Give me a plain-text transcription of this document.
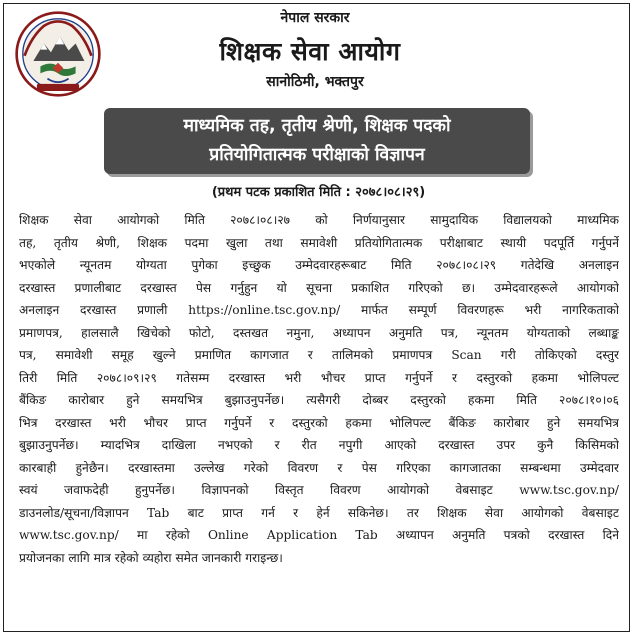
नेपाल सरकार
शिक्षक सेवा आयोग
सानोठिमी, भक्तपुर
माध्यमिक तह, तृतीय श्रेणी, शिक्षक पदको
प्रतियोगितात्मक परीक्षाको विज्ञापन
(प्रथम पटक प्रकाशित मिति : २०७८।०८।२९)
शिक्षक सेवा आयोगको मिति २०७८।०८।२७ को निर्णयानुसार सामुदायिक विद्यालयको माध्यमिक
तह, तृतीय श्रेणी, शिक्षक पदमा खुला तथा समावेशी प्रतियोगितात्मक परीक्षाबाट स्थायी पदपूर्ति गर्नुपर्ने
भएकोले न्यूनतम योग्यता पुगेका इच्छुक उम्मेदवारहरूबाट मिति २०७८।०८।२९ गतेदेखि अनलाइन
दरखास्त प्रणालीबाट दरखास्त पेस गर्नुहुन यो सूचना प्रकाशित गरिएको छ। उम्मेदवारहरूले आयोगको
अनलाइन दरखास्त प्रणाली https://online.tsc.gov.np/ मार्फत सम्पूर्ण विवरणहरू भरी नागरिकताको
प्रमाणपत्र, हालसालै खिचेको फोटो, दस्तखत नमुना, अध्यापन अनुमति पत्र, न्यूनतम योग्यताको लब्धाङ्क
पत्र, समावेशी समूह खुल्ने प्रमाणित कागजात र तालिमको प्रमाणपत्र Scan गरी तोकिएको दस्तुर
तिरी मिति २०७८।०९।२९ गतेसम्म दरखास्त भरी भौचर प्राप्त गर्नुपर्ने र दस्तुरको हकमा भोलिपल्ट
बैंकिङ कारोबार हुने समयभित्र बुझाउनुपर्नेछ। त्यसैगरी दोब्बर दस्तुरको हकमा मिति २०७८।१०।०६
भित्र दरखास्त भरी भौचर प्राप्त गर्नुपर्ने र दस्तुरको हकमा भोलिपल्ट बैंकिङ कारोबार हुने समयभित्र
बुझाउनुपर्नेछ। म्यादभित्र दाखिला नभएको र रीत नपुगी आएको दरखास्त उपर कुनै किसिमको
कारबाही हुनेछैन। दरखास्तमा उल्लेख गरेको विवरण र पेस गरिएका कागजातका सम्बन्धमा उम्मेदवार
स्वयं जवाफदेही हुनुपर्नेछ। विज्ञापनको विस्तृत विवरण आयोगको वेबसाइट www.tsc.gov.np/
डाउनलोड/सूचना/विज्ञापन Tab बाट प्राप्त गर्न र हेर्न सकिनेछ। तर शिक्षक सेवा आयोगको वेबसाइट
www.tsc.gov.np/ मा रहेको Online Application Tab अध्यापन अनुमति पत्रको दरखास्त दिने
प्रयोजनका लागि मात्र रहेको व्यहोरा समेत जानकारी गराइन्छ।
